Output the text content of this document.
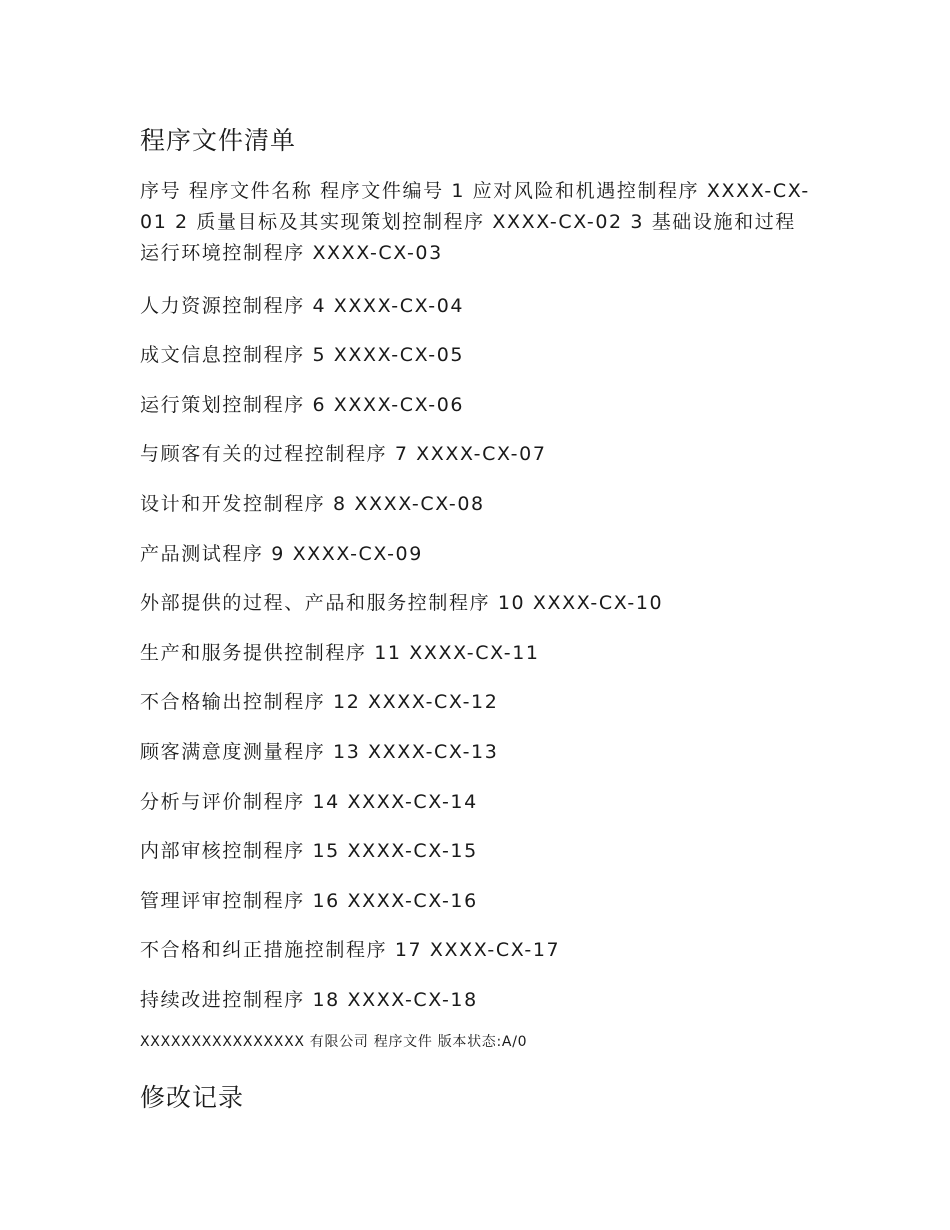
程序文件清单

序号 程序文件名称 程序文件编号 1 应对风险和机遇控制程序 XXXX-CX-01 2 质量目标及其实现策划控制程序 XXXX-CX-02 3 基础设施和过程运行环境控制程序 XXXX-CX-03

人力资源控制程序 4 XXXX-CX-04

成文信息控制程序 5 XXXX-CX-05

运行策划控制程序 6 XXXX-CX-06

与顾客有关的过程控制程序 7 XXXX-CX-07

设计和开发控制程序 8 XXXX-CX-08

产品测试程序 9 XXXX-CX-09

外部提供的过程、产品和服务控制程序 10 XXXX-CX-10

生产和服务提供控制程序 11 XXXX-CX-11

不合格输出控制程序 12 XXXX-CX-12

顾客满意度测量程序 13 XXXX-CX-13

分析与评价制程序 14 XXXX-CX-14

内部审核控制程序 15 XXXX-CX-15

管理评审控制程序 16 XXXX-CX-16

不合格和纠正措施控制程序 17 XXXX-CX-17

持续改进控制程序 18 XXXX-CX-18

XXXXXXXXXXXXXXXX 有限公司 程序文件 版本状态:A/0

修改记录
